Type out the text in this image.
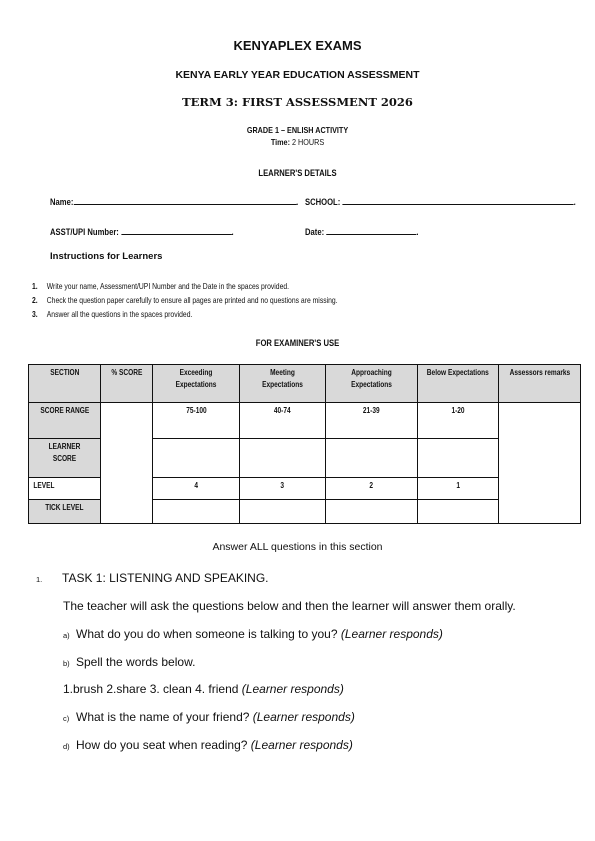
KENYAPLEX EXAMS
KENYA EARLY YEAR EDUCATION ASSESSMENT
TERM 3: FIRST ASSESSMENT 2026
GRADE 1 – ENLISH ACTIVITY
Time: 2 HOURS
LEARNER'S DETAILS
Name:	. SCHOOL:	.
ASST/UPI Number:	.	Date:	.
Instructions for Learners
1. Write your name, Assessment/UPI Number and the Date in the spaces provided.
2. Check the question paper carefully to ensure all pages are printed and no questions are missing.
3. Answer all the questions in the spaces provided.
FOR EXAMINER'S USE
SECTION	% SCORE	Exceeding Expectations	Meeting Expectations	Approaching Expectations	Below Expectations	Assessors remarks
SCORE RANGE		75-100	40-74	21-39	1-20	
LEARNER SCORE						
LEVEL		4	3	2	1	
TICK LEVEL						
Answer ALL questions in this section
1. TASK 1: LISTENING AND SPEAKING.
The teacher will ask the questions below and then the learner will answer them orally.
a) What do you do when someone is talking to you? (Learner responds)
b) Spell the words below.
1.brush 2.share 3. clean 4. friend (Learner responds)
c) What is the name of your friend? (Learner responds)
d) How do you seat when reading? (Learner responds)
